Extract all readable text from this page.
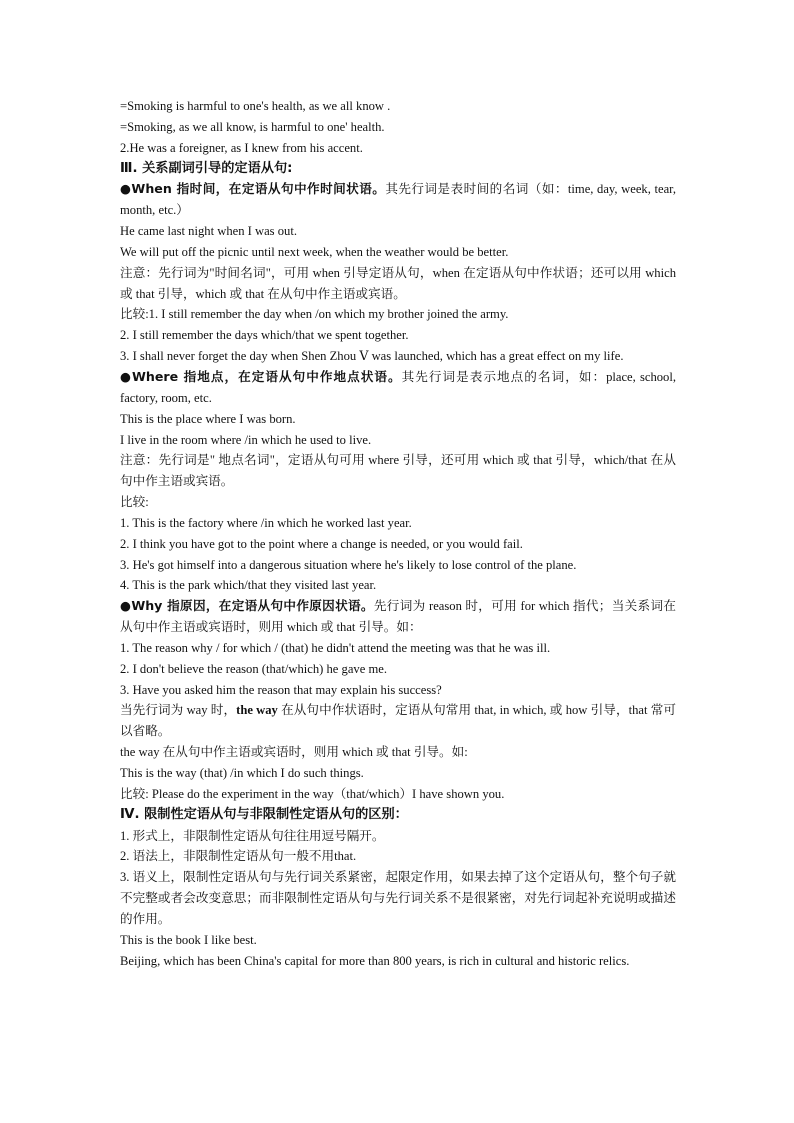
=Smoking is harmful to one's health, as we all know .
=Smoking, as we all know, is harmful to one' health.
2.He was a foreigner, as I knew from his accent.
Ⅲ. 关系副词引导的定语从句:
●When 指时间，在定语从句中作时间状语。其先行词是表时间的名词（如：time, day, week, tear, month, etc.）
He came last night when I was out.
We will put off the picnic until next week, when the weather would be better.
注意：先行词为"时间名词"，可用 when 引导定语从句，when 在定语从句中作状语；还可以用 which 或 that 引导，which 或 that 在从句中作主语或宾语。
比较:1. I still remember the day when /on which my brother joined the army.
2. I still remember the days which/that we spent together.
3. I shall never forget the day when Shen Zhou Ⅴ was launched, which has a great effect on my life.
●Where 指地点，在定语从句中作地点状语。其先行词是表示地点的名词，如：place, school, factory, room, etc.
This is the place where I was born.
I live in the room where /in which he used to live.
注意：先行词是" 地点名词"，定语从句可用 where 引导，还可用 which 或 that 引导，which/that 在从句中作主语或宾语。
比较:
1. This is the factory where /in which he worked last year.
2. I think you have got to the point where a change is needed, or you would fail.
3. He's got himself into a dangerous situation where he's likely to lose control of the plane.
4. This is the park which/that they visited last year.
●Why 指原因，在定语从句中作原因状语。先行词为 reason 时，可用 for which 指代；当关系词在从句中作主语或宾语时，则用 which 或 that 引导。如：
1. The reason why / for which / (that) he didn't attend the meeting was that he was ill.
2. I don't believe the reason (that/which) he gave me.
3. Have you asked him the reason that may explain his success?
当先行词为 way 时，the way 在从句中作状语时，定语从句常用 that, in which, 或 how 引导，that 常可以省略。
the way 在从句中作主语或宾语时，则用 which 或 that 引导。如:
This is the way (that) /in which I do such things.
比较: Please do the experiment in the way（that/which）I have shown you.
Ⅳ. 限制性定语从句与非限制性定语从句的区别：
1. 形式上，非限制性定语从句往往用逗号隔开。
2. 语法上，非限制性定语从句一般不用that.
3. 语义上，限制性定语从句与先行词关系紧密，起限定作用，如果去掉了这个定语从句，整个句子就不完整或者会改变意思；而非限制性定语从句与先行词关系不是很紧密，对先行词起补充说明或描述的作用。
This is the book I like best.
Beijing, which has been China's capital for more than 800 years, is rich in cultural and historic relics.
